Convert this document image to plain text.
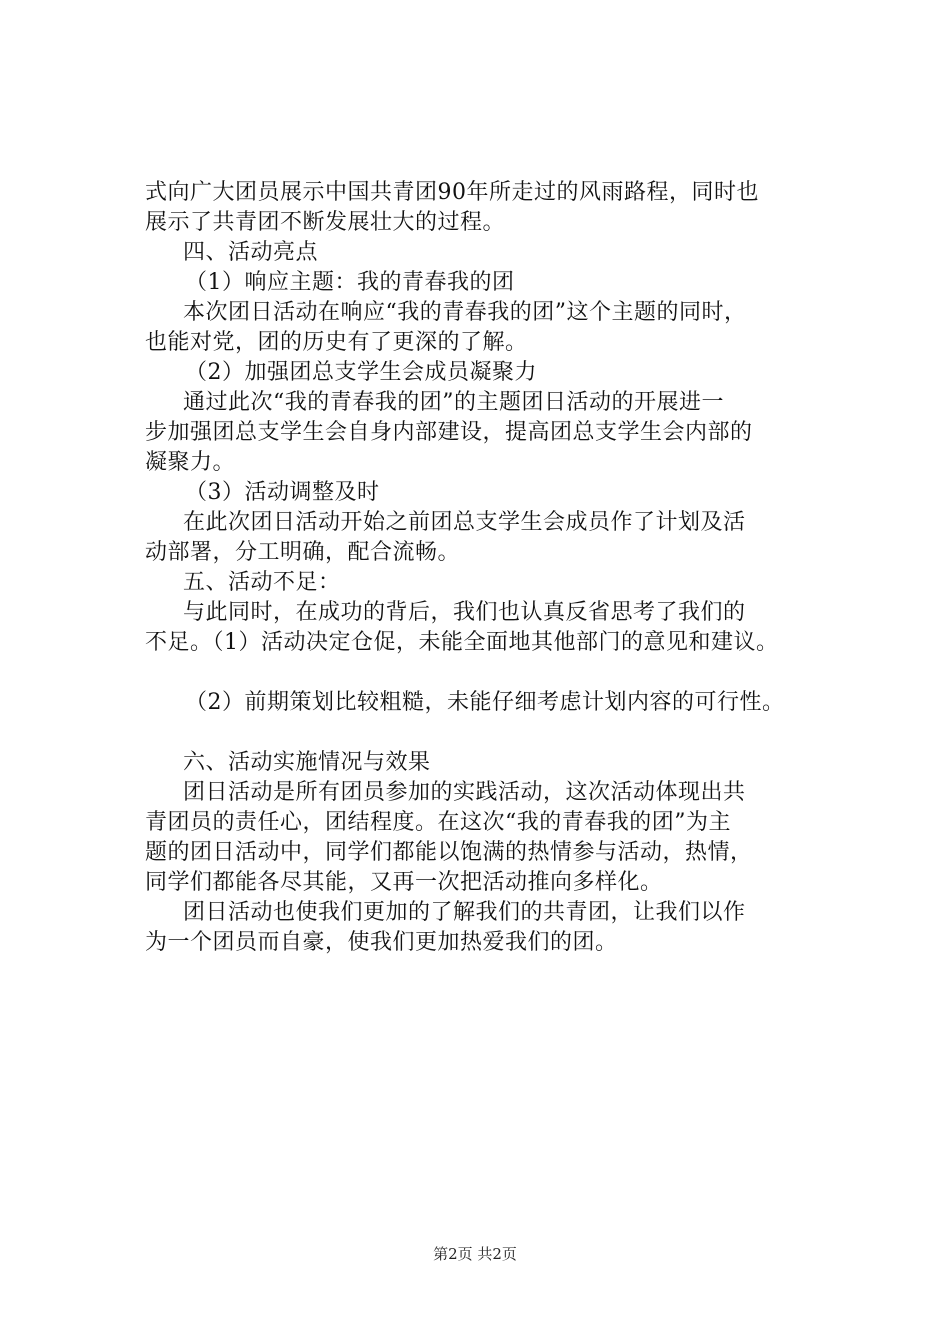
式向广大团员展示中国共青团90年所走过的风雨路程，同时也
展示了共青团不断发展壮大的过程。
四、活动亮点
（1）响应主题：我的青春我的团
本次团日活动在响应“我的青春我的团”这个主题的同时，
也能对党，团的历史有了更深的了解。
（2）加强团总支学生会成员凝聚力
通过此次“我的青春我的团”的主题团日活动的开展进一
步加强团总支学生会自身内部建设，提高团总支学生会内部的
凝聚力。
（3）活动调整及时
在此次团日活动开始之前团总支学生会成员作了计划及活
动部署，分工明确，配合流畅。
五、活动不足：
与此同时，在成功的背后，我们也认真反省思考了我们的
不足。（1）活动决定仓促，未能全面地其他部门的意见和建议。
（2）前期策划比较粗糙，未能仔细考虑计划内容的可行性。
六、活动实施情况与效果
团日活动是所有团员参加的实践活动，这次活动体现出共
青团员的责任心，团结程度。在这次“我的青春我的团”为主
题的团日活动中，同学们都能以饱满的热情参与活动，热情，
同学们都能各尽其能，又再一次把活动推向多样化。
团日活动也使我们更加的了解我们的共青团，让我们以作
为一个团员而自豪，使我们更加热爱我们的团。
第2页 共2页
